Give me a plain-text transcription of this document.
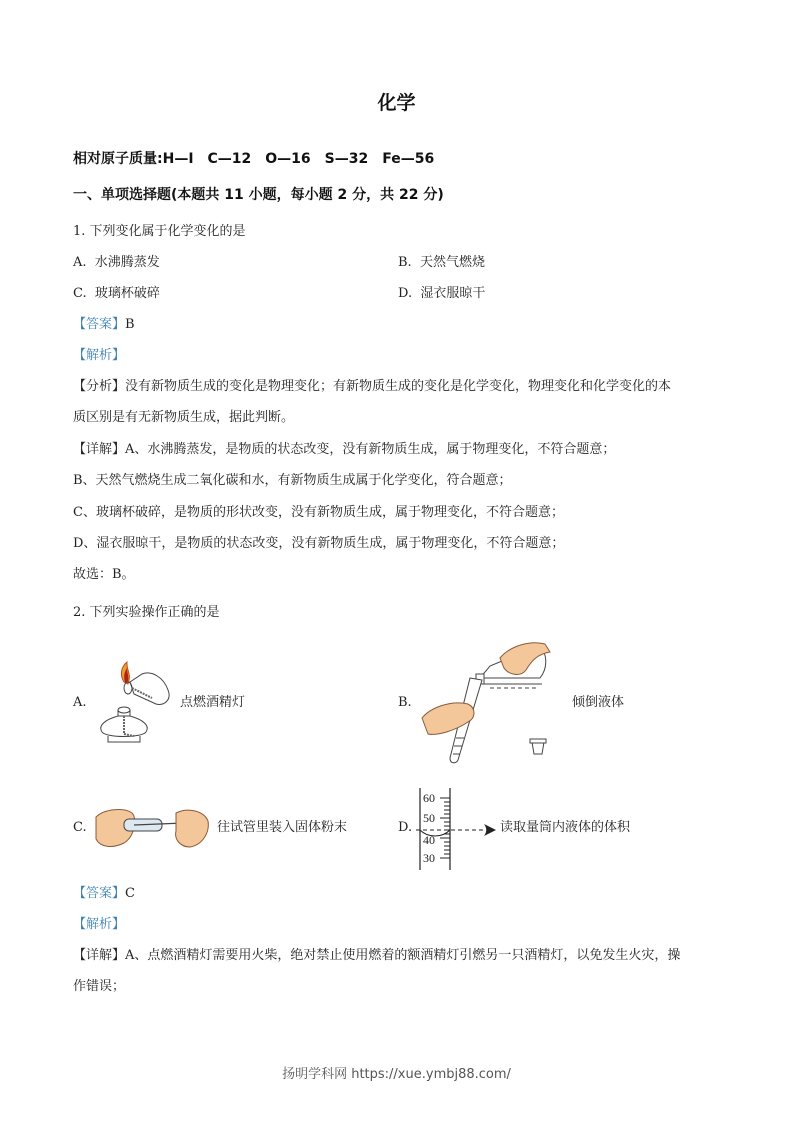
化学
相对原子质量:H—I　C—12　O—16　S—32　Fe—56
一、单项选择题(本题共 11 小题，每小题 2 分，共 22 分)
1. 下列变化属于化学变化的是
A. 水沸腾蒸发	B. 天然气燃烧
C. 玻璃杯破碎	D. 湿衣服晾干
【答案】B
【解析】
【分析】没有新物质生成的变化是物理变化；有新物质生成的变化是化学变化，物理变化和化学变化的本
质区别是有无新物质生成，据此判断。
【详解】A、水沸腾蒸发，是物质的状态改变，没有新物质生成，属于物理变化，不符合题意；
B、天然气燃烧生成二氧化碳和水，有新物质生成属于化学变化，符合题意；
C、玻璃杯破碎，是物质的形状改变，没有新物质生成，属于物理变化，不符合题意；
D、湿衣服晾干，是物质的状态改变，没有新物质生成，属于物理变化，不符合题意；
故选：B。
2. 下列实验操作正确的是
A.	点燃酒精灯	B.	倾倒液体
C.	往试管里装入固体粉末	D.
60
50
40
30
读取量筒内液体的体积
【答案】C
【解析】
【详解】A、点燃酒精灯需要用火柴，绝对禁止使用燃着的额酒精灯引燃另一只酒精灯，以免发生火灾，操
作错误；
扬明学科网 https://xue.ymbj88.com/
